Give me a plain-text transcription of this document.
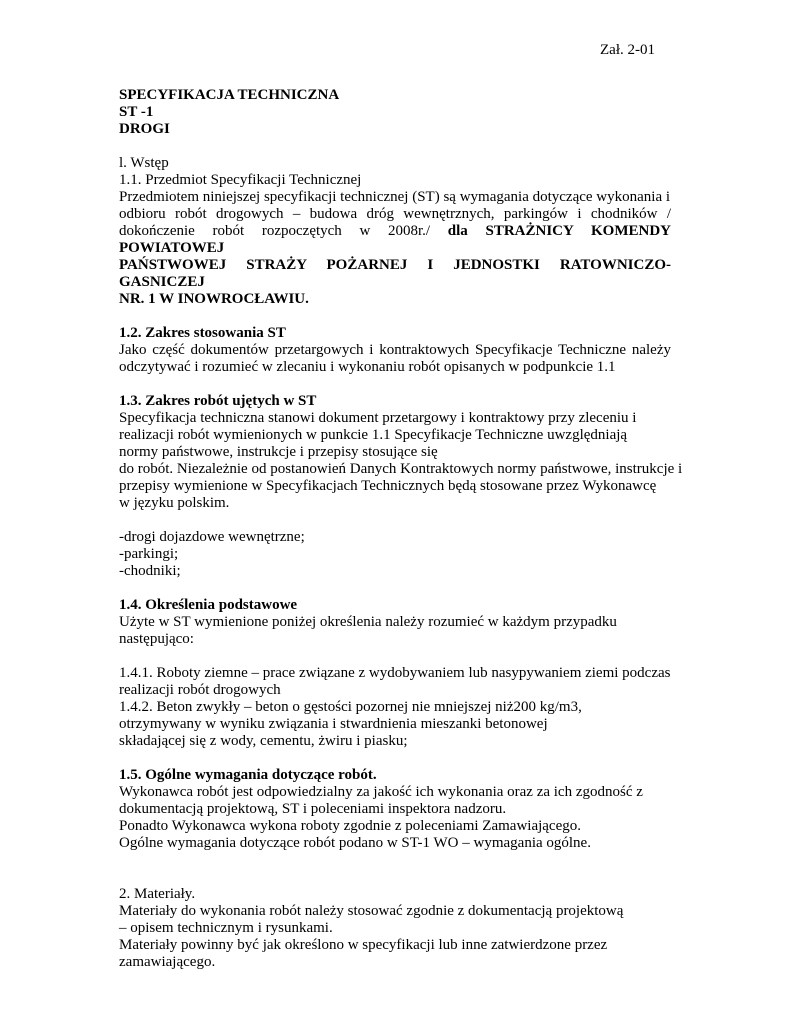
Zał. 2-01
SPECYFIKACJA TECHNICZNA
ST -1
DROGI
l. Wstęp
1.1. Przedmiot Specyfikacji Technicznej
Przedmiotem niniejszej specyfikacji technicznej (ST) są wymagania dotyczące wykonania i
odbioru robót drogowych – budowa dróg wewnętrznych, parkingów i chodników /
dokończenie robót rozpoczętych w 2008r./ dla STRAŻNICY KOMENDY POWIATOWEJ
PAŃSTWOWEJ STRAŻY POŻARNEJ I JEDNOSTKI RATOWNICZO-GASNICZEJ
NR. 1 W INOWROCŁAWIU.
1.2. Zakres stosowania ST
Jako część dokumentów przetargowych i kontraktowych Specyfikacje Techniczne należy
odczytywać i rozumieć w zlecaniu i wykonaniu robót opisanych w podpunkcie 1.1
1.3. Zakres robót ujętych w ST
Specyfikacja techniczna stanowi dokument przetargowy i kontraktowy przy zleceniu i
realizacji robót wymienionych w punkcie 1.1 Specyfikacje Techniczne uwzględniają
normy państwowe, instrukcje i przepisy stosujące się
do robót. Niezależnie od postanowień Danych Kontraktowych normy państwowe, instrukcje i
przepisy wymienione w Specyfikacjach Technicznych będą stosowane przez Wykonawcę
w języku polskim.
-drogi dojazdowe wewnętrzne;
-parkingi;
-chodniki;
1.4. Określenia podstawowe
Użyte w ST wymienione poniżej określenia należy rozumieć w każdym przypadku
następująco:
1.4.1. Roboty ziemne – prace związane z wydobywaniem lub nasypywaniem ziemi podczas
realizacji robót drogowych
1.4.2. Beton zwykły – beton o gęstości pozornej nie mniejszej niż200 kg/m3,
otrzymywany w wyniku związania i stwardnienia mieszanki betonowej
składającej się z wody, cementu, żwiru i piasku;
1.5. Ogólne wymagania dotyczące robót.
Wykonawca robót jest odpowiedzialny za jakość ich wykonania oraz za ich zgodność z
dokumentacją projektową, ST i poleceniami inspektora nadzoru.
Ponadto Wykonawca wykona roboty zgodnie z poleceniami Zamawiającego.
Ogólne wymagania dotyczące robót podano w ST-1 WO – wymagania ogólne.
2. Materiały.
Materiały do wykonania robót należy stosować zgodnie z dokumentacją projektową
– opisem technicznym i rysunkami.
Materiały powinny być jak określono w specyfikacji lub inne zatwierdzone przez
zamawiającego.
